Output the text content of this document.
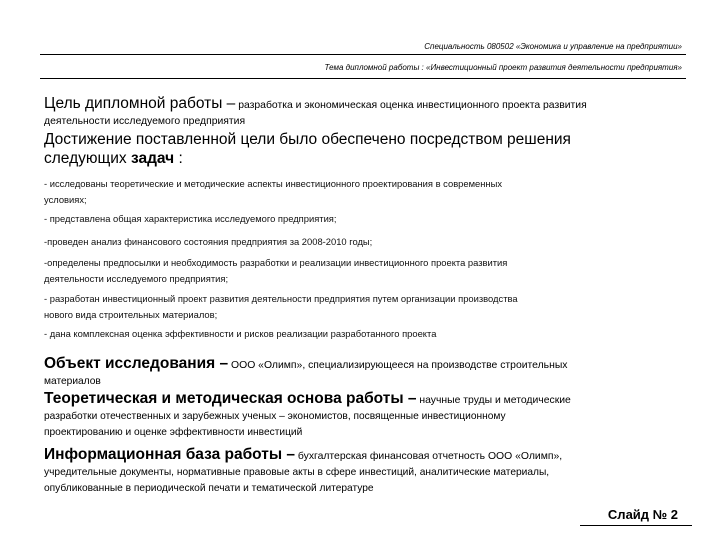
Специальность 080502 «Экономика и управление на предприятии»
Тема дипломной работы : «Инвестиционный проект развития деятельности предприятия»
Цель дипломной работы – разработка и экономическая оценка инвестиционного проекта развития
деятельности исследуемого предприятия
Достижение поставленной цели было обеспечено посредством решения
следующих задач :
- исследованы теоретические и методические аспекты инвестиционного проектирования в современных
условиях;
- представлена общая характеристика исследуемого предприятия;
-проведен анализ финансового состояния предприятия за 2008-2010 годы;
-определены предпосылки и необходимость разработки и реализации инвестиционного проекта развития
деятельности исследуемого предприятия;
- разработан инвестиционный проект развития деятельности предприятия путем организации производства
нового вида строительных материалов;
- дана комплексная оценка эффективности и рисков реализации разработанного проекта
Объект исследования – ООО «Олимп», специализирующееся на производстве строительных
материалов
Теоретическая и методическая основа работы – научные труды и методические
разработки отечественных и зарубежных ученых – экономистов, посвященные инвестиционному
проектированию и оценке эффективности инвестиций
Информационная база работы – бухгалтерская финансовая отчетность ООО «Олимп»,
учредительные документы, нормативные правовые акты в сфере инвестиций, аналитические материалы,
опубликованные в периодической печати и тематической литературе
Слайд № 2
